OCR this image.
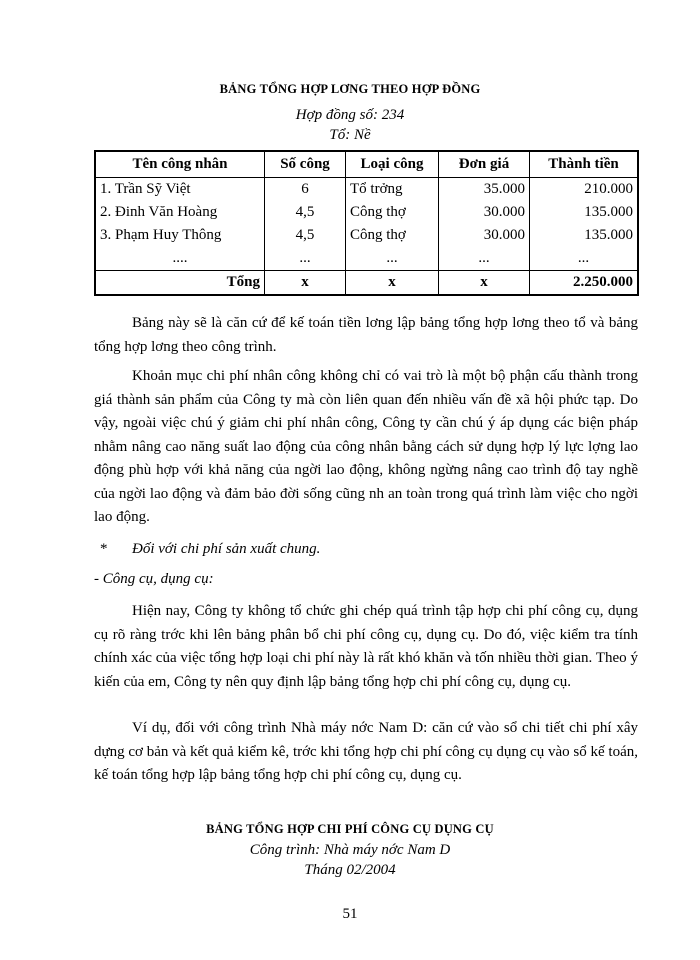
BẢNG TỔNG HỢP LƠNG THEO HỢP ĐỒNG
Hợp đồng số: 234
Tổ: Nề
Tên công nhân	Số công	Loại công	Đơn giá	Thành tiền
1. Trần Sỹ Việt	6	Tổ trởng	35.000	210.000
2. Đinh Văn Hoàng	4,5	Công thợ	30.000	135.000
3. Phạm Huy Thông	4,5	Công thợ	30.000	135.000
....	...	...	...	...
Tổng	x	x	x	2.250.000

Bảng này sẽ là căn cứ để kế toán tiền lơng lập bảng tổng hợp lơng theo tổ và bảng tổng hợp lơng theo công trình.

Khoản mục chi phí nhân công không chỉ có vai trò là một bộ phận cấu thành trong giá thành sản phẩm của Công ty mà còn liên quan đến nhiều vấn đề xã hội phức tạp. Do vậy, ngoài việc chú ý giảm chi phí nhân công, Công ty cần chú ý áp dụng các biện pháp nhằm nâng cao năng suất lao động của công nhân bằng cách sử dụng hợp lý lực lợng lao động phù hợp với khả năng của ngời lao động, không ngừng nâng cao trình độ tay nghề của ngời lao động và đảm bảo đời sống cũng nh an toàn trong quá trình làm việc cho ngời lao động.

* Đối với chi phí sản xuất chung.

- Công cụ, dụng cụ:

Hiện nay, Công ty không tổ chức ghi chép quá trình tập hợp chi phí công cụ, dụng cụ rõ ràng trớc khi lên bảng phân bổ chi phí công cụ, dụng cụ. Do đó, việc kiểm tra tính chính xác của việc tổng hợp loại chi phí này là rất khó khăn và tốn nhiều thời gian. Theo ý kiến của em, Công ty nên quy định lập bảng tổng hợp chi phí công cụ, dụng cụ.

Ví dụ, đối với công trình Nhà máy nớc Nam D: căn cứ vào sổ chi tiết chi phí xây dựng cơ bản và kết quả kiểm kê, trớc khi tổng hợp chi phí công cụ dụng cụ vào sổ kế toán, kế toán tổng hợp lập bảng tổng hợp chi phí công cụ, dụng cụ.

BẢNG TỔNG HỢP CHI PHÍ CÔNG CỤ DỤNG CỤ
Công trình: Nhà máy nớc Nam D
Tháng 02/2004
51
